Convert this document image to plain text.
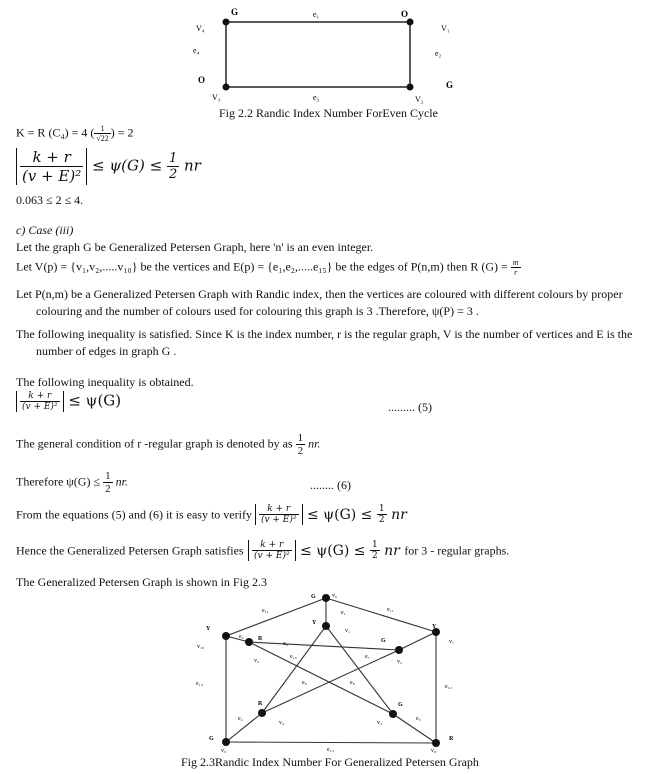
G	O
O	G
V₄	V₁
V₃	V₂
e₁
e₂
e₃
e₄
Fig 2.2 Randic Index Number ForEven Cycle
K = R (C₄) = 4 ( $\frac{1}{√22}$ ) = 2
$\frac{k + r}{\text{(v + E)²}} \le \psi(G) \le \frac{1}{2}$ nr
0.063 ≤ 2 ≤ 4.
c) Case (iii)
Let the graph G be Generalized Petersen Graph, here 'n' is an even integer.
Let V(p) = {v₁,v₂,.....v₁₀} be the vertices and E(p) = {e₁,e₂,.....e₁₅} be the edges of P(n,m) then R $(G) = \frac{m}{r}$
Let P(n,m) be a Generalized Petersen Graph with Randic index, then the vertices are coloured with different colours by proper colouring and the number of colours used for colouring this graph is 3 .Therefore, ψ(P) = 3 .
The following inequality is satisfied. Since K is the index number, r is the regular graph, V is the number of vertices and E is the number of edges in graph G .
The following inequality is obtained.
$\frac{k + r}{\text{(v + E)²}} \le \psi(G)$	......... (5)
The general condition of r -regular graph is denoted by as $\frac{1}{2}$ nr.
Therefore $\psi(G) \le \frac{1}{2}$ nr.	........ (6)
From the equations (5) and (6) it is easy to verify $\frac{k + r}{\text{(v + E)²}} \le \psi(G) \le \frac{1}{2}$ nr
Hence the Generalized Petersen Graph satisfies $\frac{k + r}{\text{(v + E)²}} \le \psi(G) \le \frac{1}{2}$ nr for 3 - regular graphs.
The Generalized Petersen Graph is shown in Fig 2.3
G	v₆
e₁₁	e₁₁
Y
v₁₀
Y
v₇
Y
e₁
v₁
R
e₅
v₅
e₁₀
G
e₆
e₇
v₂
e₁₄	e₁₂
e₉	e₈
R	G
e₄	e₃
v₄	v₃
G	R
v₉	v₈
e₁₃
Fig 2.3Randic Index Number For Generalized Petersen Graph
